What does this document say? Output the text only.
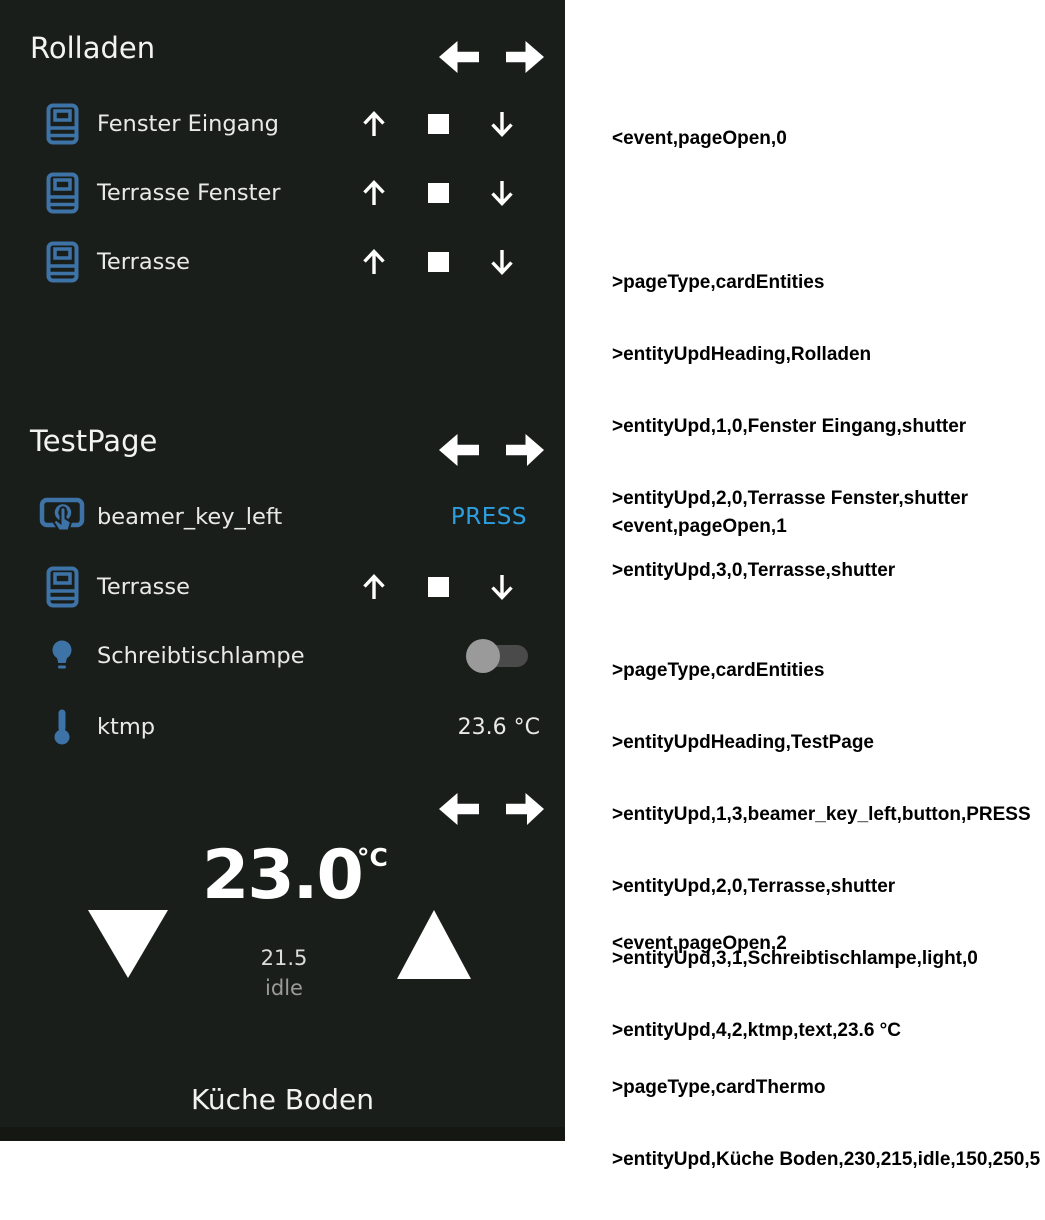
Rolladen
Fenster Eingang
Terrasse Fenster
Terrasse
TestPage
beamer_key_left	PRESS
Terrasse
Schreibtischlampe
ktmp	23.6 °C
23.0
°C
21.5
idle
Küche Boden

<event,pageOpen,0

>pageType,cardEntities

>entityUpdHeading,Rolladen

>entityUpd,1,0,Fenster Eingang,shutter

>entityUpd,2,0,Terrasse Fenster,shutter

>entityUpd,3,0,Terrasse,shutter

<event,pageOpen,1

>pageType,cardEntities

>entityUpdHeading,TestPage

>entityUpd,1,3,beamer_key_left,button,PRESS

>entityUpd,2,0,Terrasse,shutter

>entityUpd,3,1,Schreibtischlampe,light,0

>entityUpd,4,2,ktmp,text,23.6 °C

<event,pageOpen,2

>pageType,cardThermo

>entityUpd,Küche Boden,230,215,idle,150,250,5
